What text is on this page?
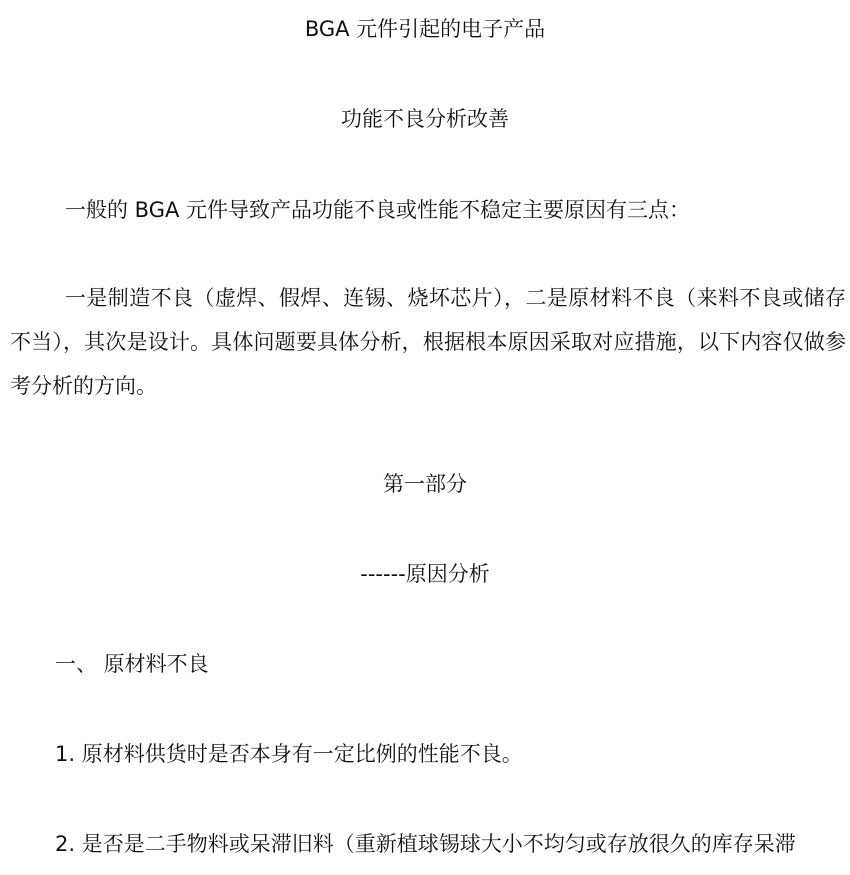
BGA 元件引起的电子产品
功能不良分析改善
一般的 BGA 元件导致产品功能不良或性能不稳定主要原因有三点：
一是制造不良（虚焊、假焊、连锡、烧坏芯片），二是原材料不良（来料不良或储存不当），其次是设计。具体问题要具体分析，根据根本原因采取对应措施，以下内容仅做参考分析的方向。
第一部分
------原因分析
一、 原材料不良
1. 原材料供货时是否本身有一定比例的性能不良。
2. 是否是二手物料或呆滞旧料（重新植球锡球大小不均匀或存放很久的库存呆滞
